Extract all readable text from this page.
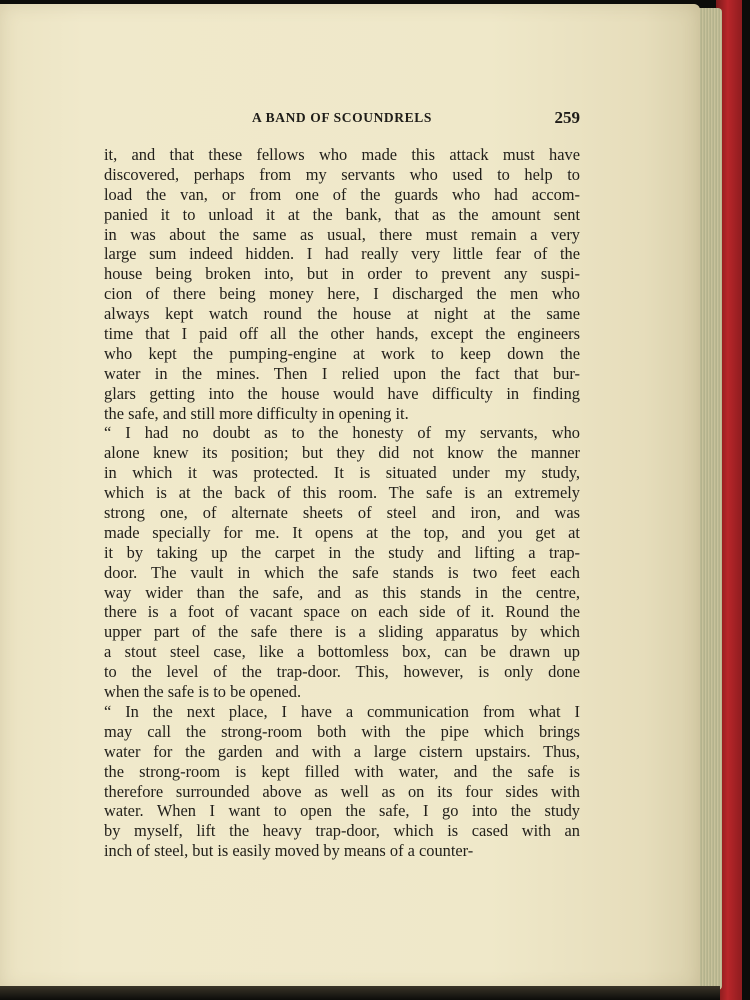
A BAND OF SCOUNDRELS	259
it, and that these fellows who made this attack must have
discovered, perhaps from my servants who used to help to
load the van, or from one of the guards who had accom-
panied it to unload it at the bank, that as the amount sent
in was about the same as usual, there must remain a very
large sum indeed hidden. I had really very little fear of the
house being broken into, but in order to prevent any suspi-
cion of there being money here, I discharged the men who
always kept watch round the house at night at the same
time that I paid off all the other hands, except the engineers
who kept the pumping-engine at work to keep down the
water in the mines. Then I relied upon the fact that bur-
glars getting into the house would have difficulty in finding
the safe, and still more difficulty in opening it.
“ I had no doubt as to the honesty of my servants, who
alone knew its position; but they did not know the manner
in which it was protected. It is situated under my study,
which is at the back of this room. The safe is an extremely
strong one, of alternate sheets of steel and iron, and was
made specially for me. It opens at the top, and you get at
it by taking up the carpet in the study and lifting a trap-
door. The vault in which the safe stands is two feet each
way wider than the safe, and as this stands in the centre,
there is a foot of vacant space on each side of it. Round the
upper part of the safe there is a sliding apparatus by which
a stout steel case, like a bottomless box, can be drawn up
to the level of the trap-door. This, however, is only done
when the safe is to be opened.
“ In the next place, I have a communication from what I
may call the strong-room both with the pipe which brings
water for the garden and with a large cistern upstairs. Thus,
the strong-room is kept filled with water, and the safe is
therefore surrounded above as well as on its four sides with
water. When I want to open the safe, I go into the study
by myself, lift the heavy trap-door, which is cased with an
inch of steel, but is easily moved by means of a counter-
